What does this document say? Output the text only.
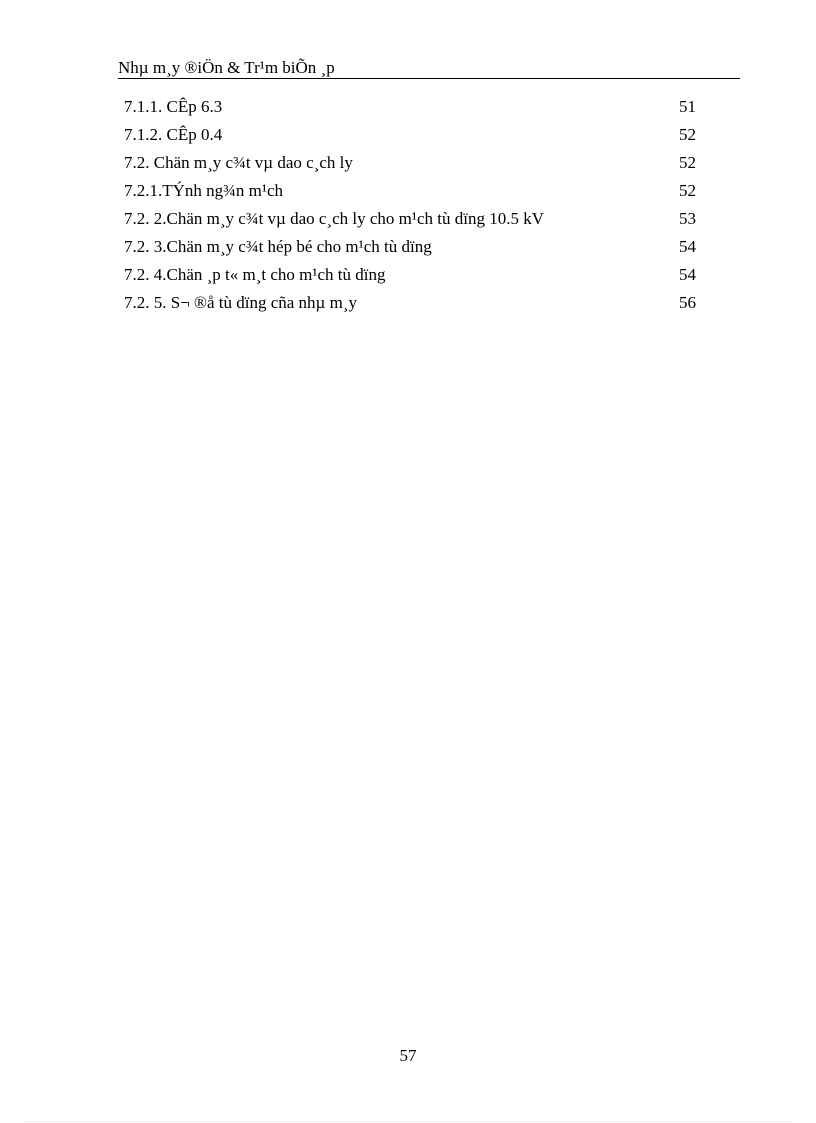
Nhµ m¸y ®iÖn & Tr¹m biÕn ¸p
7.1.1. CÊp 6.3	51
7.1.2. CÊp 0.4	52
7.2. Chän m¸y c¾t vµ dao c¸ch ly	52
7.2.1.TÝnh ng¾n m¹ch	52
7.2. 2.Chän m¸y c¾t vµ dao c¸ch ly cho m¹ch tù dïng 10.5 kV	53
7.2. 3.Chän m¸y c¾t hép bé cho m¹ch tù dïng	54
7.2. 4.Chän ¸p t« m¸t cho m¹ch tù dïng	54
7.2. 5. S¬ ®å tù dïng cña nhµ m¸y	56
57
